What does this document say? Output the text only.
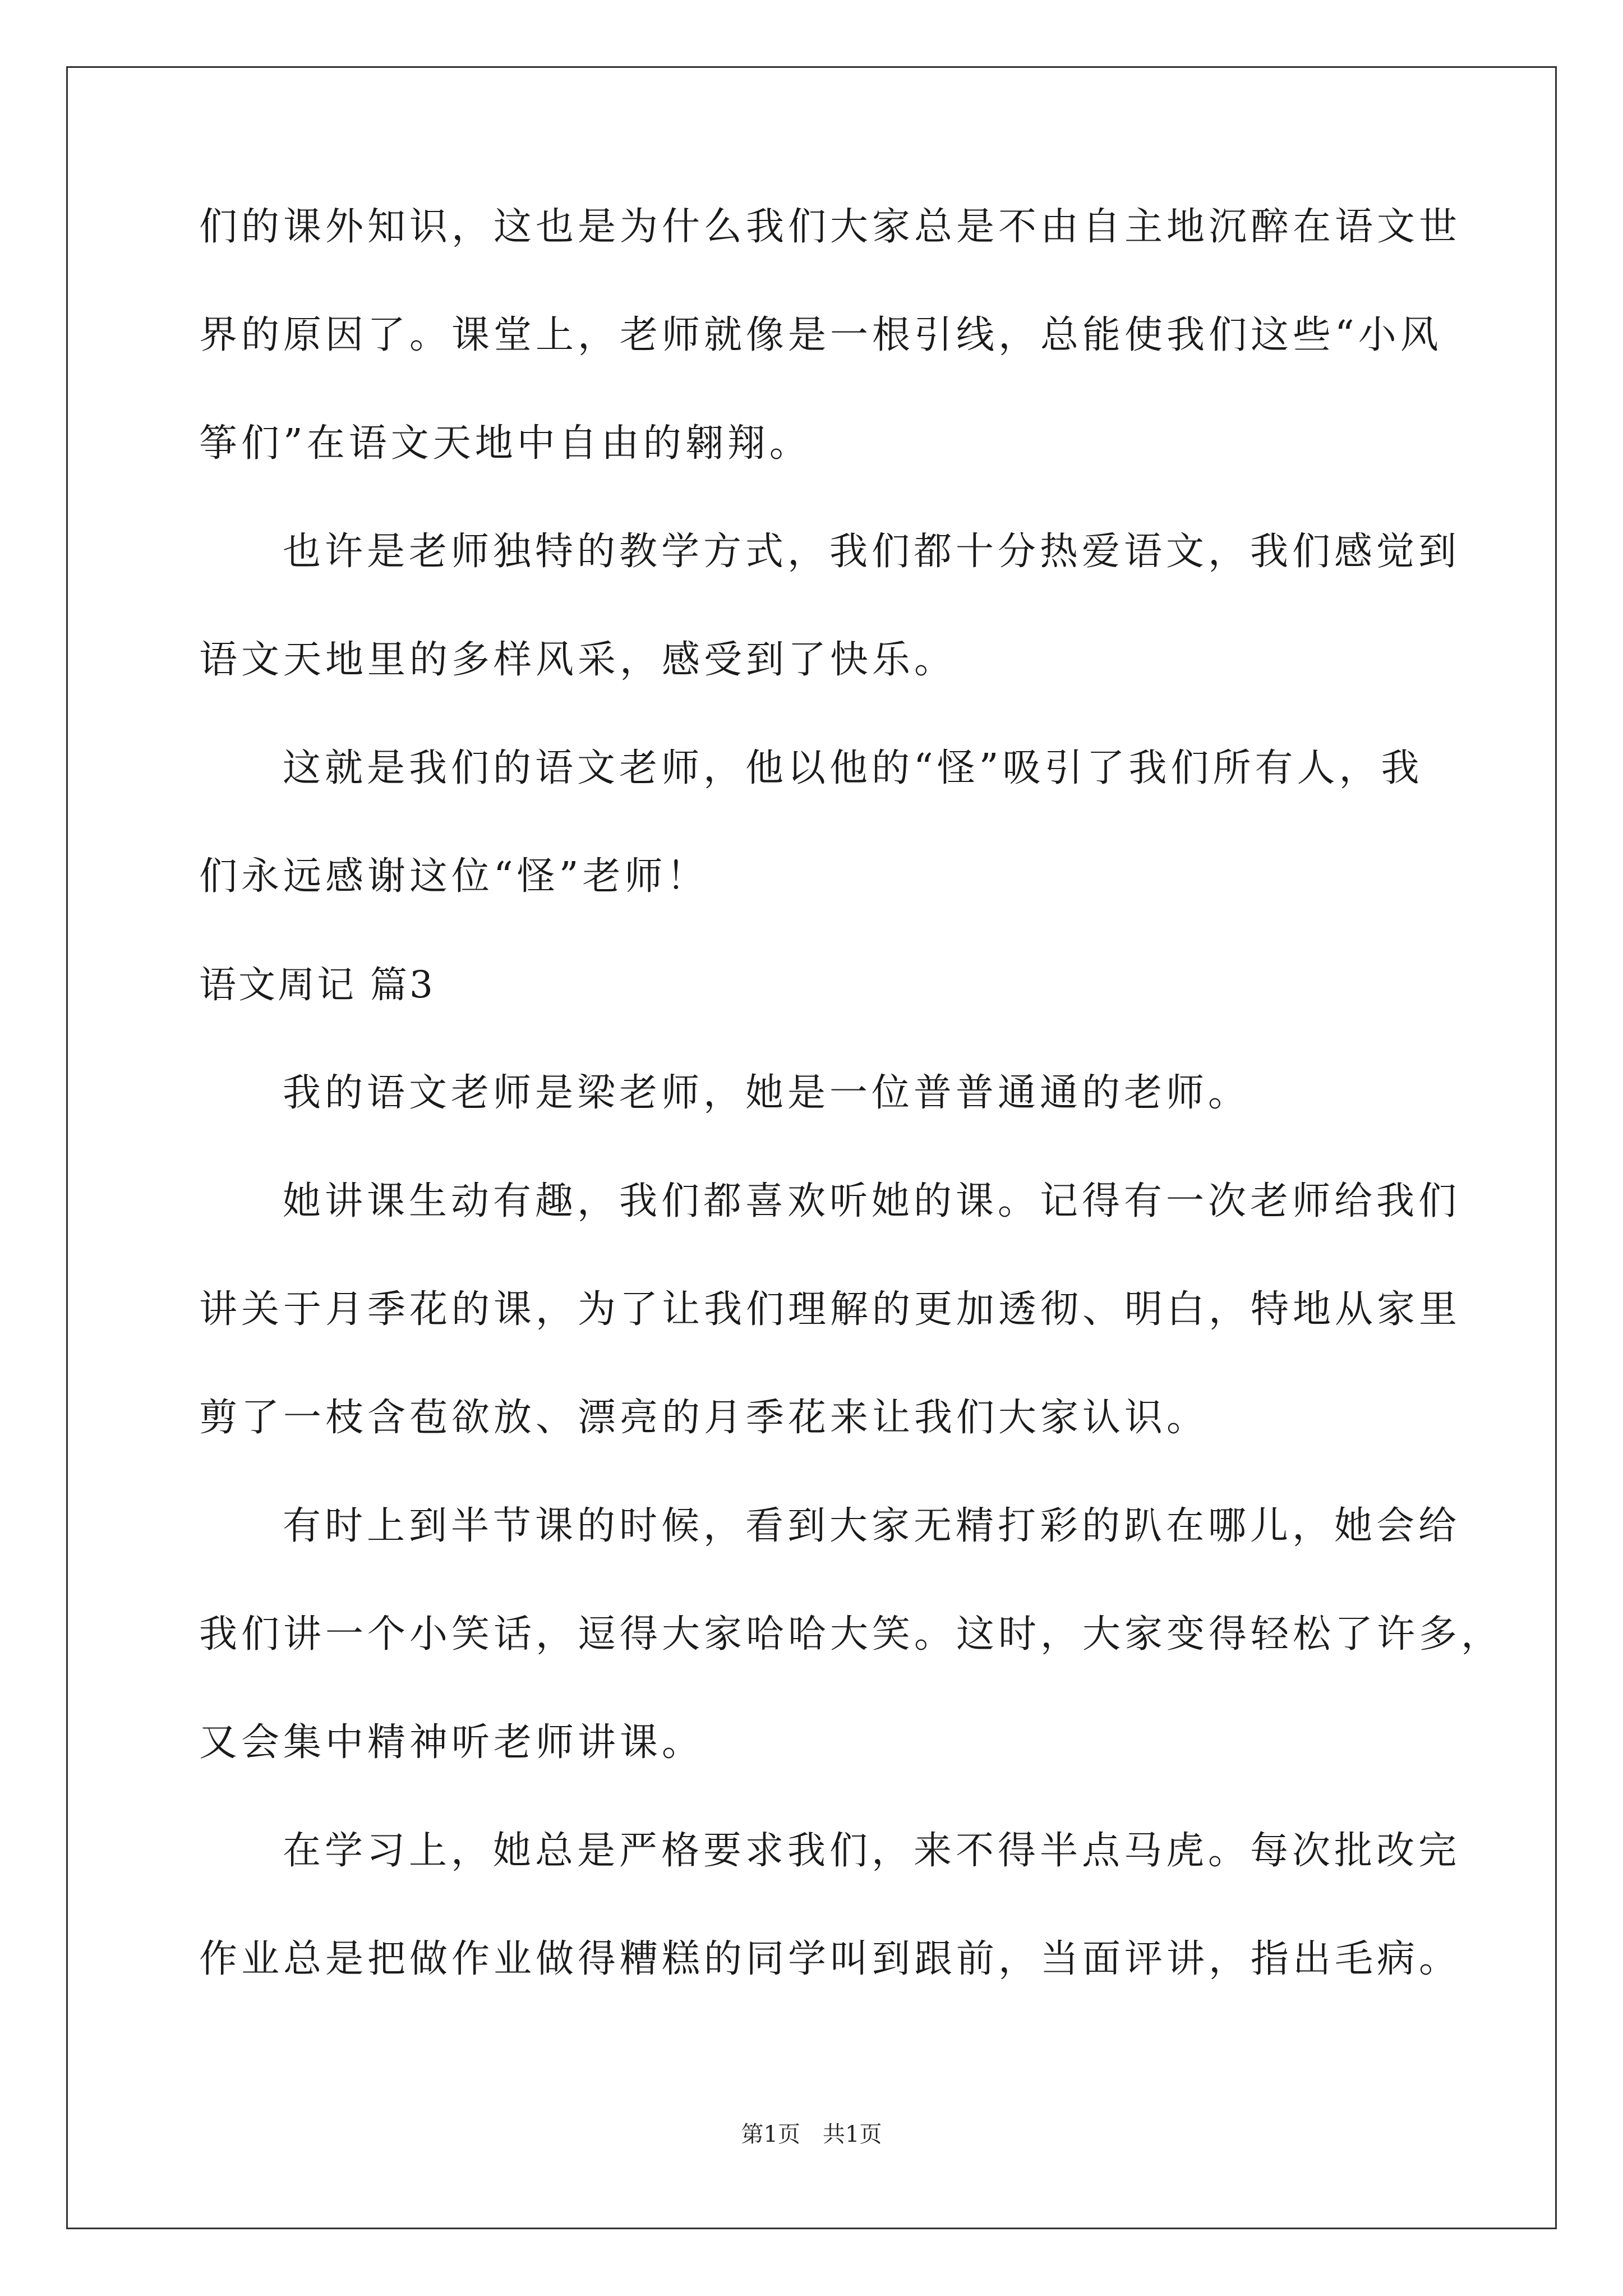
们的课外知识，这也是为什么我们大家总是不由自主地沉醉在语文世
界的原因了。课堂上，老师就像是一根引线，总能使我们这些“小风
筝们”在语文天地中自由的翱翔。
也许是老师独特的教学方式，我们都十分热爱语文，我们感觉到
语文天地里的多样风采，感受到了快乐。
这就是我们的语文老师，他以他的“怪”吸引了我们所有人，我
们永远感谢这位“怪”老师！
语文周记 篇3
我的语文老师是梁老师，她是一位普普通通的老师。
她讲课生动有趣，我们都喜欢听她的课。记得有一次老师给我们
讲关于月季花的课，为了让我们理解的更加透彻、明白，特地从家里
剪了一枝含苞欲放、漂亮的月季花来让我们大家认识。
有时上到半节课的时候，看到大家无精打彩的趴在哪儿，她会给
我们讲一个小笑话，逗得大家哈哈大笑。这时，大家变得轻松了许多，
又会集中精神听老师讲课。
在学习上，她总是严格要求我们，来不得半点马虎。每次批改完
作业总是把做作业做得糟糕的同学叫到跟前，当面评讲，指出毛病。
第1页　共1页
